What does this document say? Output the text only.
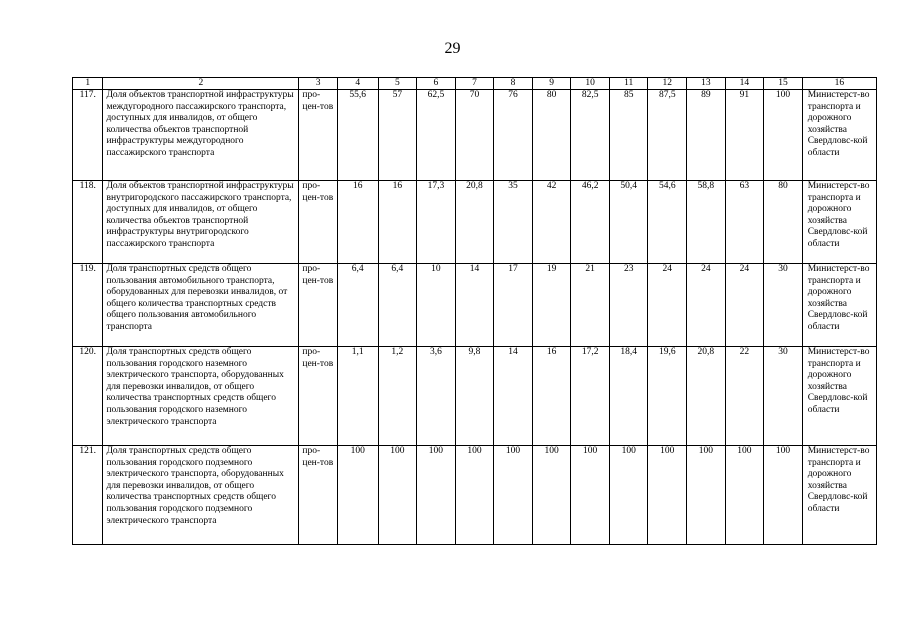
29
1	2	3	4	5	6	7	8	9	10	11	12	13	14	15	16
117.	Доля объектов транспортной инфраструктуры междугородного пассажирского транспорта, доступных для инвалидов, от общего количества объектов транспортной инфраструктуры междугородного пассажирского транспорта	про-цен-тов	55,6	57	62,5	70	76	80	82,5	85	87,5	89	91	100	Министерст-во транспорта и дорожного хозяйства Свердловс-кой области
118.	Доля объектов транспортной инфраструктуры внутригородского пассажирского транспорта, доступных для инвалидов, от общего количества объектов транспортной инфраструктуры внутригородского пассажирского транспорта	про-цен-тов	16	16	17,3	20,8	35	42	46,2	50,4	54,6	58,8	63	80	Министерст-во транспорта и дорожного хозяйства Свердловс-кой области
119.	Доля транспортных средств общего пользования автомобильного транспорта, оборудованных для перевозки инвалидов, от общего количества транспортных средств общего пользования автомобильного транспорта	про-цен-тов	6,4	6,4	10	14	17	19	21	23	24	24	24	30	Министерст-во транспорта и дорожного хозяйства Свердловс-кой области
120.	Доля транспортных средств общего пользования городского наземного электрического транспорта, оборудованных для перевозки инвалидов, от общего количества транспортных средств общего пользования городского наземного электрического транспорта	про-цен-тов	1,1	1,2	3,6	9,8	14	16	17,2	18,4	19,6	20,8	22	30	Министерст-во транспорта и дорожного хозяйства Свердловс-кой области
121.	Доля транспортных средств общего пользования городского подземного электрического транспорта, оборудованных для перевозки инвалидов, от общего количества транспортных средств общего пользования городского подземного электрического транспорта	про-цен-тов	100	100	100	100	100	100	100	100	100	100	100	100	Министерст-во транспорта и дорожного хозяйства Свердловс-кой области
